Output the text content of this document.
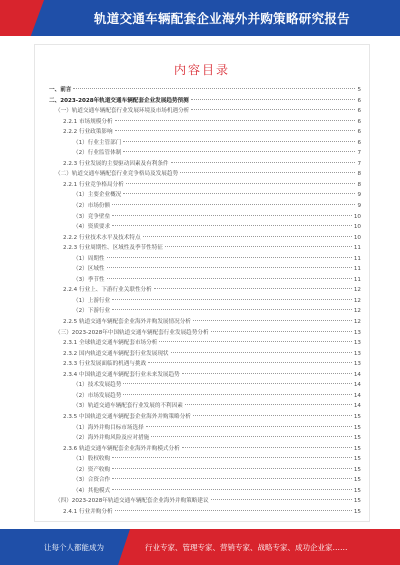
轨道交通车辆配套企业海外并购策略研究报告
内容目录
一、前言	5
二、2023-2028年轨道交通车辆配套企业发展趋势预测	6
（一）轨道交通车辆配套行业发展环境及市场机遇分析	6
2.2.1 市场规模分析	6
2.2.2 行业政策影响	6
（1）行业主管部门	6
（2）行业监管体制	7
2.2.3 行业发展的主要驱动因素及有利条件	7
（二）轨道交通车辆配套行业竞争格局及发展趋势	8
2.2.1 行业竞争格局分析	8
（1）主要企业概况	9
（2）市场份额	9
（3）竞争壁垒	10
（4）资质要求	10
2.2.2 行业技术水平及技术特点	10
2.2.3 行业周期性、区域性及季节性特征	11
（1）周期性	11
（2）区域性	11
（3）季节性	11
2.2.4 行业上、下游行业关联性分析	12
（1）上游行业	12
（2）下游行业	12
2.2.5 轨道交通车辆配套企业海外并购发展情况分析	12
（三）2023-2028年中国轨道交通车辆配套行业发展趋势分析	13
2.3.1 全球轨道交通车辆配套市场分析	13
2.3.2 国内轨道交通车辆配套行业发展现状	13
2.3.3 行业发展面临的机遇与挑战	13
2.3.4 中国轨道交通车辆配套行业未来发展趋势	14
（1）技术发展趋势	14
（2）市场发展趋势	14
（3）轨道交通车辆配套行业发展的不利因素	14
2.3.5 中国轨道交通车辆配套企业海外并购策略分析	15
（1）海外并购目标市场选择	15
（2）海外并购风险及应对措施	15
2.3.6 轨道交通车辆配套企业海外并购模式分析	15
（1）股权收购	15
（2）资产收购	15
（3）合资合作	15
（4）其他模式	15
（四）2023-2028年轨道交通车辆配套企业海外并购策略建议	15
2.4.1 行业并购分析	15
让每个人都能成为	行业专家、管理专家、营销专家、战略专家、成功企业家……
